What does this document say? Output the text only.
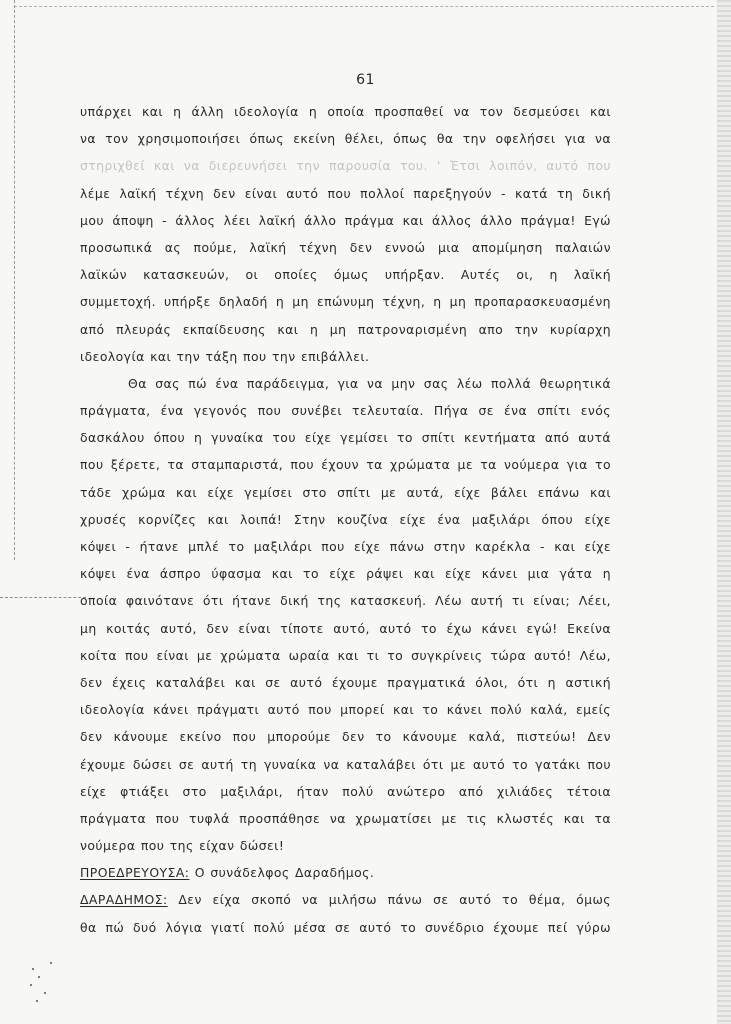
61
υπάρχει και η άλλη ιδεολογία η οποία προσπαθεί να τον δεσμεύσει και
να τον χρησιμοποιήσει όπως εκείνη θέλει, όπως θα την οφελήσει για να
στηριχθεί και να διερευνήσει την παρουσία του. ' Έτσι λοιπόν, αυτό που
λέμε λαϊκή τέχνη δεν είναι αυτό που πολλοί παρεξηγούν - κατά τη δική
μου άποψη - άλλος λέει λαϊκή άλλο πράγμα και άλλος άλλο πράγμα! Εγώ
προσωπικά ας πούμε, λαϊκή τέχνη δεν εννοώ μια απομίμηση παλαιών
λαϊκών κατασκευών, οι οποίες όμως υπήρξαν. Αυτές οι, η λαϊκή
συμμετοχή. υπήρξε δηλαδή η μη επώνυμη τέχνη, η μη προπαρασκευασμένη
από πλευράς εκπαίδευσης και η μη πατροναρισμένη απο την κυρίαρχη
ιδεολογία και την τάξη που την επιβάλλει.
Θα σας πώ ένα παράδειγμα, για να μην σας λέω πολλά θεωρητικά
πράγματα, ένα γεγονός που συνέβει τελευταία. Πήγα σε ένα σπίτι ενός
δασκάλου όπου η γυναίκα του είχε γεμίσει το σπίτι κεντήματα από αυτά
που ξέρετε, τα σταμπαριστά, που έχουν τα χρώματα με τα νούμερα για το
τάδε χρώμα και είχε γεμίσει στο σπίτι με αυτά, είχε βάλει επάνω και
χρυσές κορνίζες και λοιπά! Στην κουζίνα είχε ένα μαξιλάρι όπου είχε
κόψει - ήτανε μπλέ το μαξιλάρι που είχε πάνω στην καρέκλα - και είχε
κόψει ένα άσπρο ύφασμα και το είχε ράψει και είχε κάνει μια γάτα η
οποία φαινότανε ότι ήτανε δική της κατασκευή. Λέω αυτή τι είναι; Λέει,
μη κοιτάς αυτό, δεν είναι τίποτε αυτό, αυτό το έχω κάνει εγώ! Εκείνα
κοίτα που είναι με χρώματα ωραία και τι το συγκρίνεις τώρα αυτό! Λέω,
δεν έχεις καταλάβει και σε αυτό έχουμε πραγματικά όλοι, ότι η αστική
ιδεολογία κάνει πράγματι αυτό που μπορεί και το κάνει πολύ καλά, εμείς
δεν κάνουμε εκείνο που μπορούμε δεν το κάνουμε καλά, πιστεύω! Δεν
έχουμε δώσει σε αυτή τη γυναίκα να καταλάβει ότι με αυτό το γατάκι που
είχε φτιάξει στο μαξιλάρι, ήταν πολύ ανώτερο από χιλιάδες τέτοια
πράγματα που τυφλά προσπάθησε να χρωματίσει με τις κλωστές και τα
νούμερα που της είχαν δώσει!
ΠΡΟΕΔΡΕΥΟΥΣΑ: Ο συνάδελφος Δαραδήμος.
ΔΑΡΑΔΗΜΟΣ: Δεν είχα σκοπό να μιλήσω πάνω σε αυτό το θέμα, όμως
θα πώ δυό λόγια γιατί πολύ μέσα σε αυτό το συνέδριο έχουμε πεί γύρω
